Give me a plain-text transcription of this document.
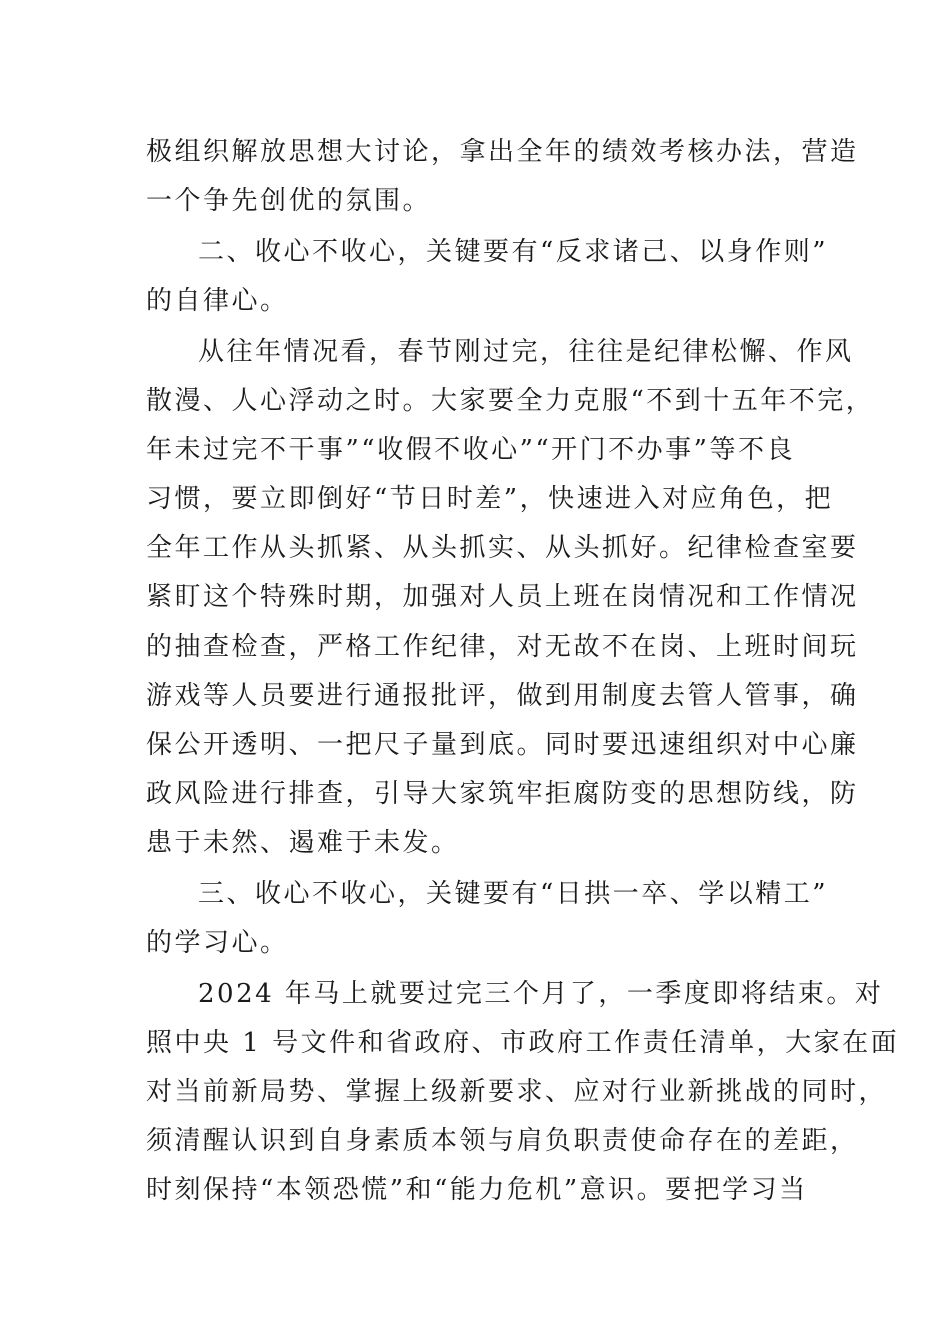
极组织解放思想大讨论，拿出全年的绩效考核办法，营造
一个争先创优的氛围。
二、收心不收心，关键要有“反求诸己、以身作则”
的自律心。
从往年情况看，春节刚过完，往往是纪律松懈、作风
散漫、人心浮动之时。大家要全力克服“不到十五年不完，
年未过完不干事”“收假不收心”“开门不办事”等不良
习惯，要立即倒好“节日时差”，快速进入对应角色，把
全年工作从头抓紧、从头抓实、从头抓好。纪律检查室要
紧盯这个特殊时期，加强对人员上班在岗情况和工作情况
的抽查检查，严格工作纪律，对无故不在岗、上班时间玩
游戏等人员要进行通报批评，做到用制度去管人管事，确
保公开透明、一把尺子量到底。同时要迅速组织对中心廉
政风险进行排查，引导大家筑牢拒腐防变的思想防线，防
患于未然、遏难于未发。
三、收心不收心，关键要有“日拱一卒、学以精工”
的学习心。
2024 年马上就要过完三个月了，一季度即将结束。对
照中央 1 号文件和省政府、市政府工作责任清单，大家在面
对当前新局势、掌握上级新要求、应对行业新挑战的同时，
须清醒认识到自身素质本领与肩负职责使命存在的差距，
时刻保持“本领恐慌”和“能力危机”意识。要把学习当
